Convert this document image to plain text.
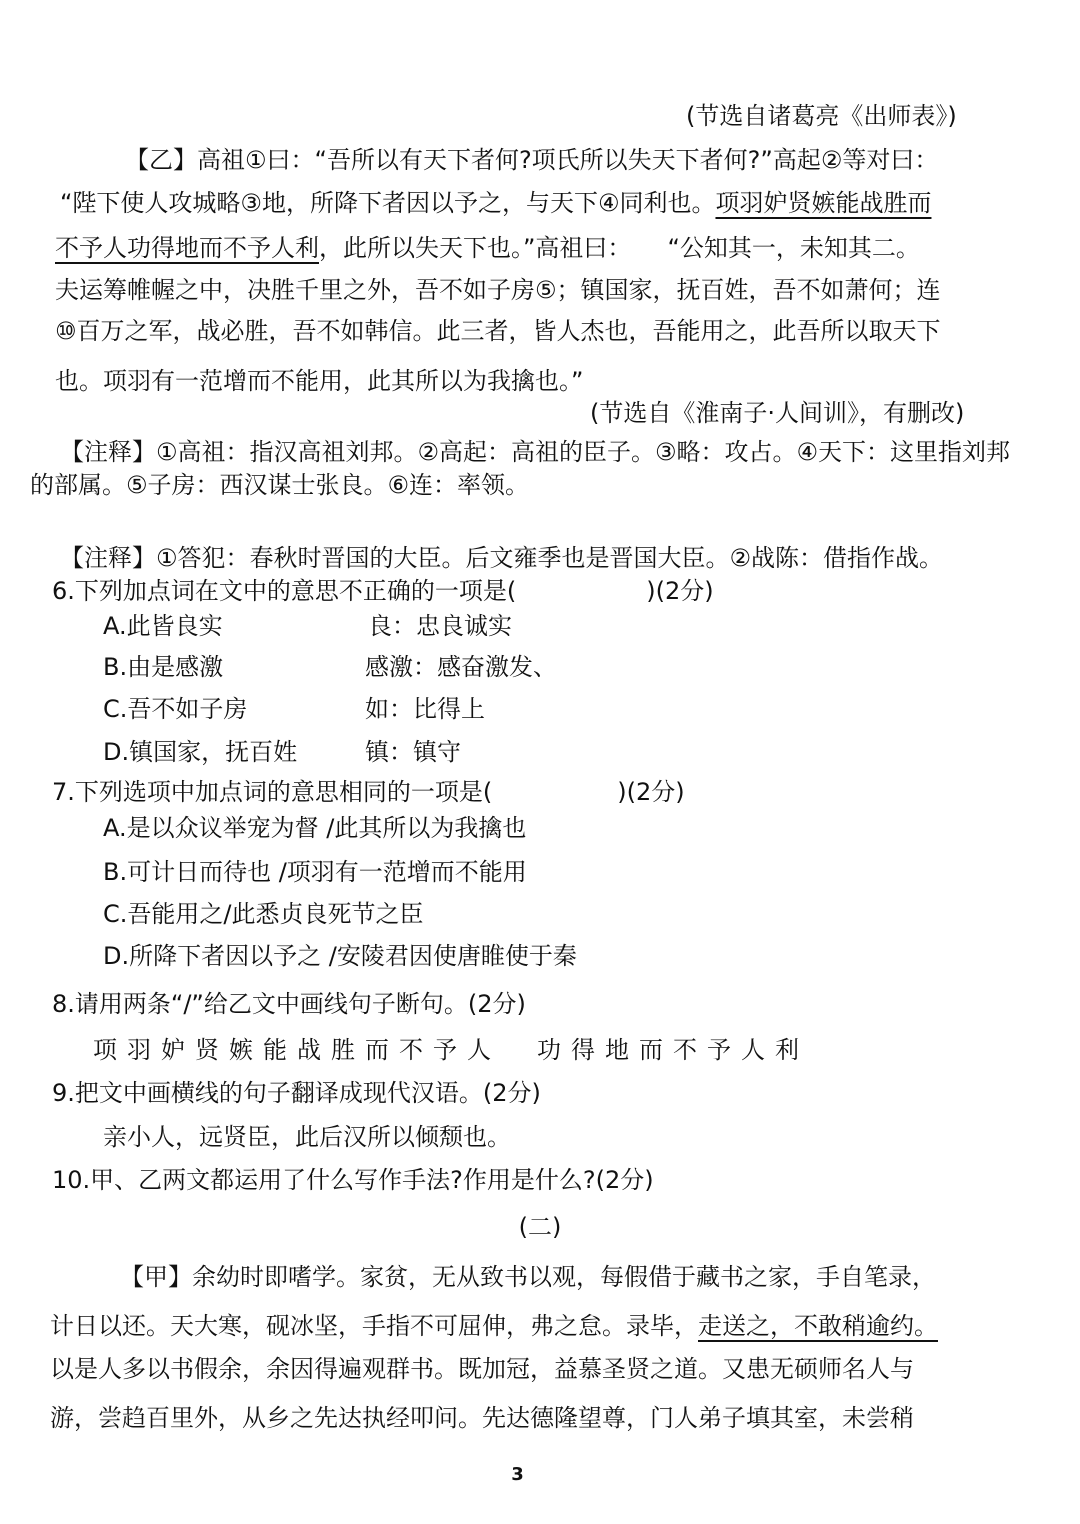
(节选自诸葛亮《出师表》)
【乙】高祖①曰：“吾所以有天下者何?项氏所以失天下者何?”高起②等对曰：
“陛下使人攻城略③地，所降下者因以予之，与天下④同利也。项羽妒贤嫉能战胜而
不予人功得地而不予人利，此所以失天下也。”高祖曰： “公知其一，未知其二。
夫运筹帷幄之中，决胜千里之外，吾不如子房⑤；镇国家，抚百姓，吾不如萧何；连
⑩百万之军，战必胜，吾不如韩信。此三者，皆人杰也，吾能用之，此吾所以取天下
也。项羽有一范增而不能用，此其所以为我擒也。”
(节选自《淮南子·人间训》，有删改)
【注释】①高祖：指汉高祖刘邦。②高起：高祖的臣子。③略：攻占。④天下：这里指刘邦
的部属。⑤子房：西汉谋士张良。⑥连：率领。
【注释】①答犯：春秋时晋国的大臣。后文雍季也是晋国大臣。②战陈：借指作战。
6.下列加点词在文中的意思不正确的一项是(	)(2分)
A.此皆良实	良：忠良诚实
B.由是感激	感激：感奋激发、
C.吾不如子房	如：比得上
D.镇国家，抚百姓	镇：镇守
7.下列选项中加点词的意思相同的一项是(	)(2分)
A.是以众议举宠为督 /此其所以为我擒也
B.可计日而待也 /项羽有一范增而不能用
C.吾能用之/此悉贞良死节之臣
D.所降下者因以予之 /安陵君因使唐睢使于秦
8.请用两条“/”给乙文中画线句子断句。(2分)
项羽妒贤嫉能战胜而不予人 功得地而不予人利
9.把文中画横线的句子翻译成现代汉语。(2分)
亲小人，远贤臣，此后汉所以倾颓也。
10.甲、乙两文都运用了什么写作手法?作用是什么?(2分)
(二)
【甲】余幼时即嗜学。家贫，无从致书以观，每假借于藏书之家，手自笔录，
计日以还。天大寒，砚冰坚，手指不可屈伸，弗之怠。录毕，走送之，不敢稍逾约。
以是人多以书假余，余因得遍观群书。既加冠，益慕圣贤之道。又患无硕师名人与
游，尝趋百里外，从乡之先达执经叩问。先达德隆望尊，门人弟子填其室，未尝稍
3
